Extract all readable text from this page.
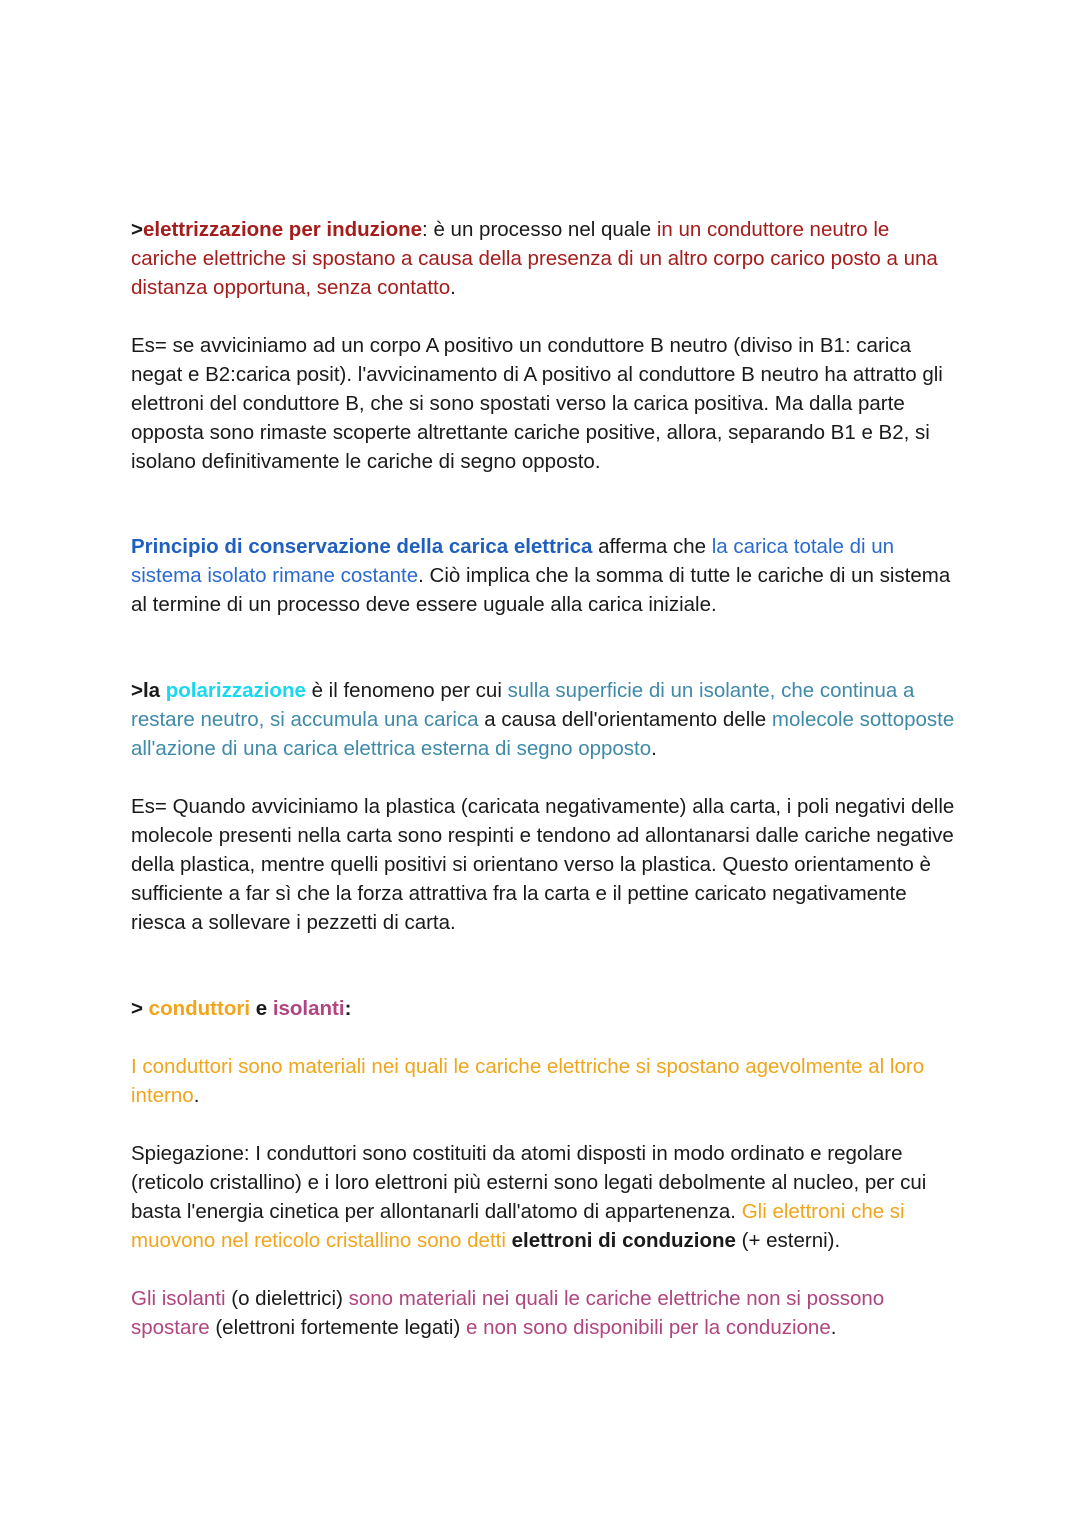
>elettrizzazione per induzione: è un processo nel quale in un conduttore neutro le cariche elettriche si spostano a causa della presenza di un altro corpo carico posto a una distanza opportuna, senza contatto.

Es= se avviciniamo ad un corpo A positivo un conduttore B neutro (diviso in B1: carica negat e B2:carica posit). l'avvicinamento di A positivo al conduttore B neutro ha attratto gli elettroni del conduttore B, che si sono spostati verso la carica positiva. Ma dalla parte opposta sono rimaste scoperte altrettante cariche positive, allora, separando B1 e B2, si isolano definitivamente le cariche di segno opposto.

Principio di conservazione della carica elettrica afferma che la carica totale di un sistema isolato rimane costante. Ciò implica che la somma di tutte le cariche di un sistema al termine di un processo deve essere uguale alla carica iniziale.

>la polarizzazione è il fenomeno per cui sulla superficie di un isolante, che continua a restare neutro, si accumula una carica a causa dell'orientamento delle molecole sottoposte all'azione di una carica elettrica esterna di segno opposto.

Es= Quando avviciniamo la plastica (caricata negativamente) alla carta, i poli negativi delle molecole presenti nella carta sono respinti e tendono ad allontanarsi dalle cariche negative della plastica, mentre quelli positivi si orientano verso la plastica. Questo orientamento è sufficiente a far sì che la forza attrattiva fra la carta e il pettine caricato negativamente riesca a sollevare i pezzetti di carta.

> conduttori e isolanti:

I conduttori sono materiali nei quali le cariche elettriche si spostano agevolmente al loro interno.

Spiegazione: I conduttori sono costituiti da atomi disposti in modo ordinato e regolare (reticolo cristallino) e i loro elettroni più esterni sono legati debolmente al nucleo, per cui basta l'energia cinetica per allontanarli dall'atomo di appartenenza. Gli elettroni che si muovono nel reticolo cristallino sono detti elettroni di conduzione (+ esterni).

Gli isolanti (o dielettrici) sono materiali nei quali le cariche elettriche non si possono spostare (elettroni fortemente legati) e non sono disponibili per la conduzione.
